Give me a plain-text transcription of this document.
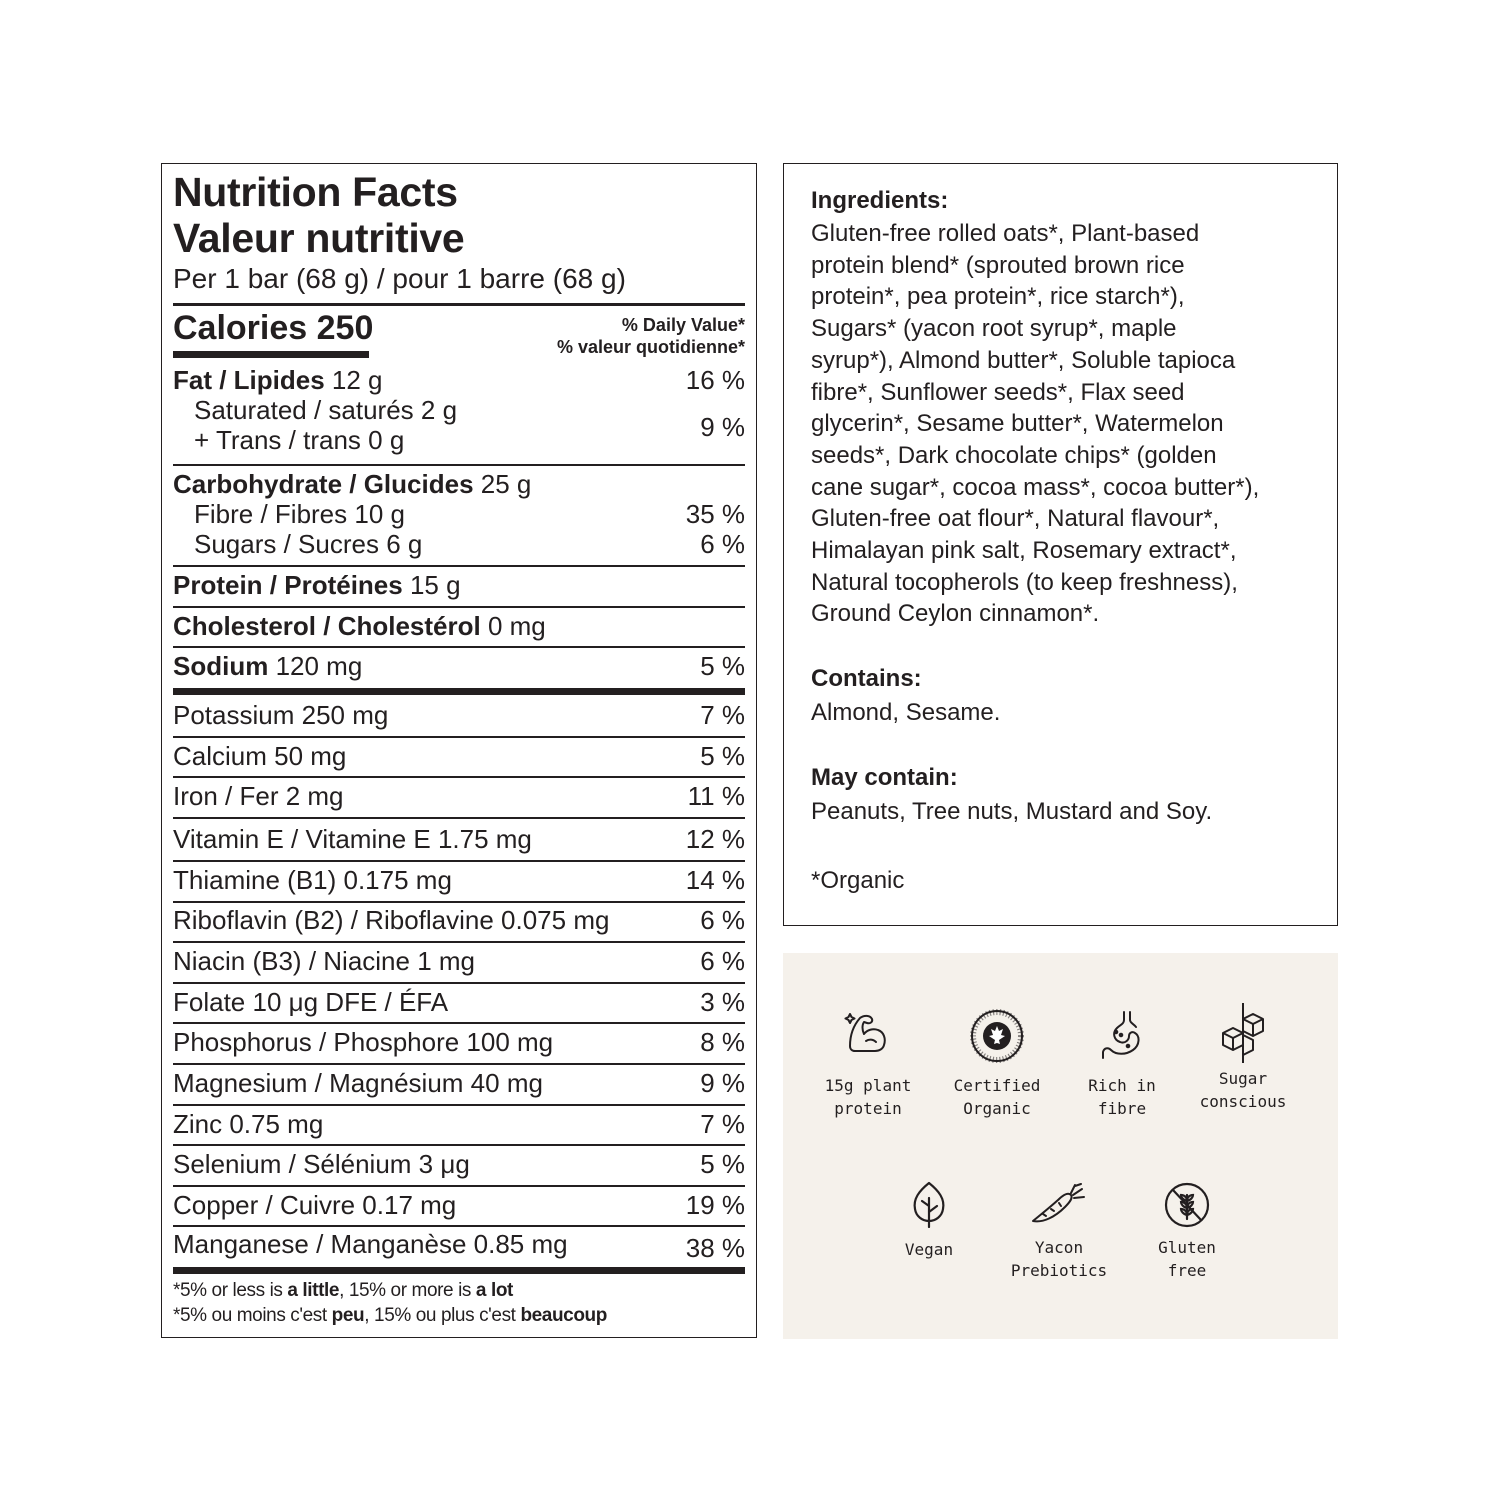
Nutrition Facts
Valeur nutritive
Per 1 bar (68 g) / pour 1 barre (68 g)
Calories 250	% Daily Value*
% valeur quotidienne*
Fat / Lipides 12 g	16 %
Saturated / saturés 2 g
+ Trans / trans 0 g	9 %
Carbohydrate / Glucides 25 g
Fibre / Fibres 10 g	35 %
Sugars / Sucres 6 g	6 %
Protein / Protéines 15 g
Cholesterol / Cholestérol 0 mg
Sodium 120 mg	5 %
Potassium 250 mg	7 %
Calcium 50 mg	5 %
Iron / Fer 2 mg	11 %
Vitamin E / Vitamine E 1.75 mg	12 %
Thiamine (B1) 0.175 mg	14 %
Riboflavin (B2) / Riboflavine 0.075 mg	6 %
Niacin (B3) / Niacine 1 mg	6 %
Folate 10 μg DFE / ÉFA	3 %
Phosphorus / Phosphore 100 mg	8 %
Magnesium / Magnésium 40 mg	9 %
Zinc 0.75 mg	7 %
Selenium / Sélénium 3 μg	5 %
Copper / Cuivre 0.17 mg	19 %
Manganese / Manganèse 0.85 mg	38 %
*5% or less is a little, 15% or more is a lot
*5% ou moins c'est peu, 15% ou plus c'est beaucoup
Ingredients:
Gluten-free rolled oats*, Plant-based
protein blend* (sprouted brown rice
protein*, pea protein*, rice starch*),
Sugars* (yacon root syrup*, maple
syrup*), Almond butter*, Soluble tapioca
fibre*, Sunflower seeds*, Flax seed
glycerin*, Sesame butter*, Watermelon
seeds*, Dark chocolate chips* (golden
cane sugar*, cocoa mass*, cocoa butter*),
Gluten-free oat flour*, Natural flavour*,
Himalayan pink salt, Rosemary extract*,
Natural tocopherols (to keep freshness),
Ground Ceylon cinnamon*.
Contains:
Almond, Sesame.
May contain:
Peanuts, Tree nuts, Mustard and Soy.
*Organic
15g plant
protein
Certified
Organic
Rich in
fibre
Sugar
conscious
Vegan	Yacon
Prebiotics
Gluten
free
